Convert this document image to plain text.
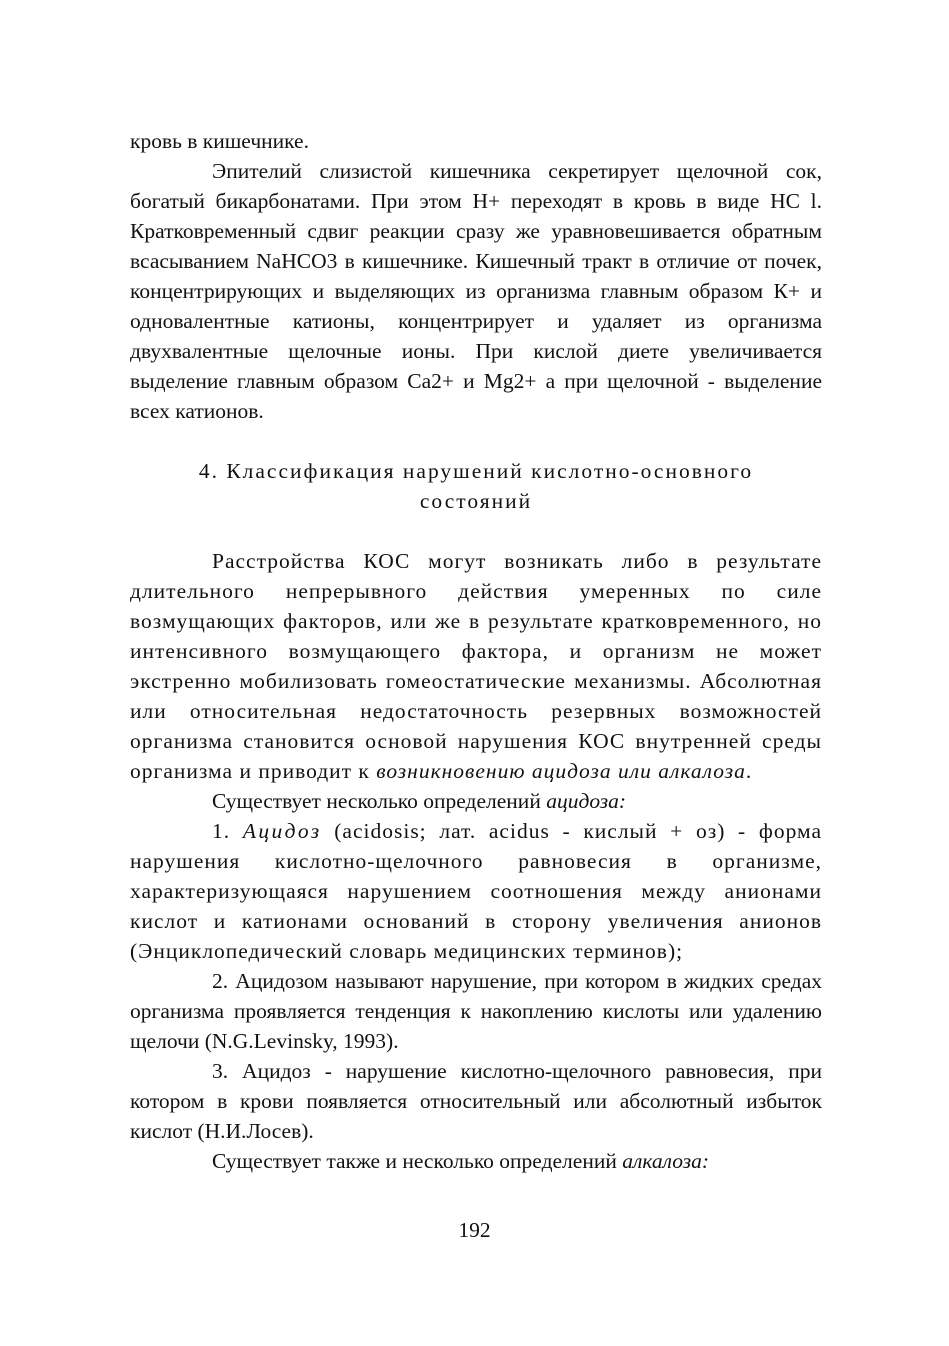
кровь в кишечнике.

Эпителий слизистой кишечника секретирует щелочной сок, богатый бикарбонатами. При этом Н+ переходят в кровь в виде НС l. Кратковременный сдвиг реакции сразу же уравновешивается обратным всасыванием NaHCO3 в кишечнике. Кишечный тракт в отличие от почек, концентрирующих и выделяющих из организма главным образом К+ и одновалентные катионы, концентрирует и удаляет из организма двухвалентные щелочные ионы. При кислой диете увеличивается выделение главным образом Са2+ и Mg2+ а при щелочной - выделение всех катионов.

4. Классификация нарушений кислотно-основного
состояний

Расстройства КОС могут возникать либо в результате длительного непрерывного действия умеренных по силе возмущающих факторов, или же в результате кратковременного, но интенсивного возмущающего фактора, и организм не может экстренно мобилизовать гомеостатические механизмы. Абсолютная или относительная недостаточность резервных возможностей организма становится основой нарушения КОС внутренней среды организма и приводит к возникновению ацидоза или алкалоза.

Существует несколько определений ацидоза:

1. Ацидоз (acidosis; лат. acidus - кислый + оз) - форма нарушения кислотно-щелочного равновесия в организме, характеризующаяся нарушением соотношения между анионами кислот и катионами оснований в сторону увеличения анионов (Энциклопедический словарь медицинских терминов);

2. Ацидозом называют нарушение, при котором в жидких средах организма проявляется тенденция к накоплению кислоты или удалению щелочи (N.G.Levinsky, 1993).

3. Ацидоз - нарушение кислотно-щелочного равновесия, при котором в крови появляется относительный или абсолютный избыток кислот (Н.И.Лосев).

Существует также и несколько определений алкалоза:

192
